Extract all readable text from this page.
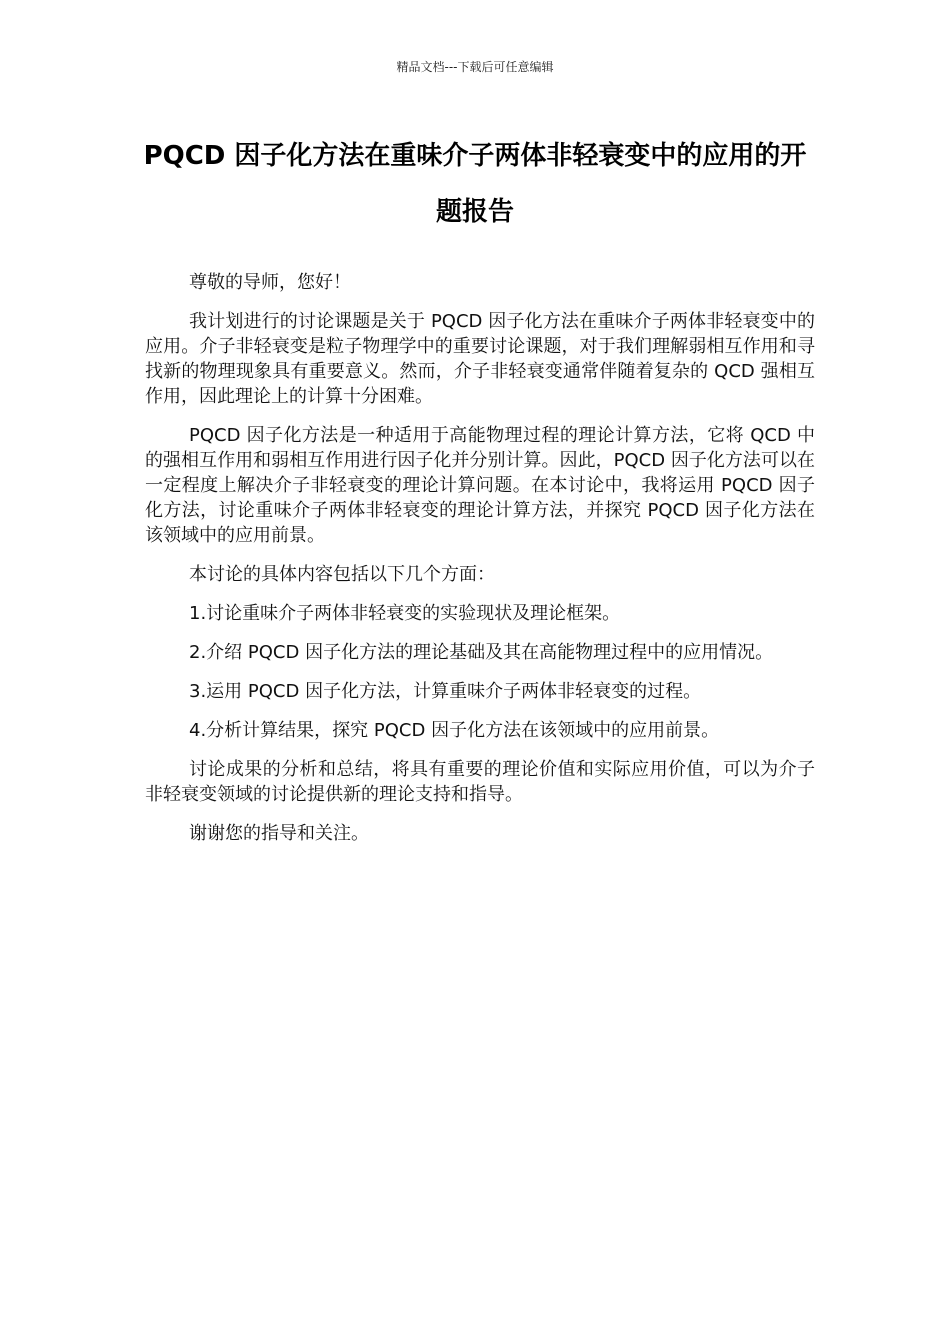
精品文档---下载后可任意编辑
PQCD 因子化方法在重味介子两体非轻衰变中的应用的开题报告

尊敬的导师，您好！

我计划进行的讨论课题是关于 PQCD 因子化方法在重味介子两体非轻衰变中的应用。介子非轻衰变是粒子物理学中的重要讨论课题，对于我们理解弱相互作用和寻找新的物理现象具有重要意义。然而，介子非轻衰变通常伴随着复杂的 QCD 强相互作用，因此理论上的计算十分困难。

PQCD 因子化方法是一种适用于高能物理过程的理论计算方法，它将 QCD 中的强相互作用和弱相互作用进行因子化并分别计算。因此，PQCD 因子化方法可以在一定程度上解决介子非轻衰变的理论计算问题。在本讨论中，我将运用 PQCD 因子化方法，讨论重味介子两体非轻衰变的理论计算方法，并探究 PQCD 因子化方法在该领域中的应用前景。

本讨论的具体内容包括以下几个方面：

1.讨论重味介子两体非轻衰变的实验现状及理论框架。

2.介绍 PQCD 因子化方法的理论基础及其在高能物理过程中的应用情况。

3.运用 PQCD 因子化方法，计算重味介子两体非轻衰变的过程。

4.分析计算结果，探究 PQCD 因子化方法在该领域中的应用前景。

讨论成果的分析和总结，将具有重要的理论价值和实际应用价值，可以为介子非轻衰变领域的讨论提供新的理论支持和指导。

谢谢您的指导和关注。
